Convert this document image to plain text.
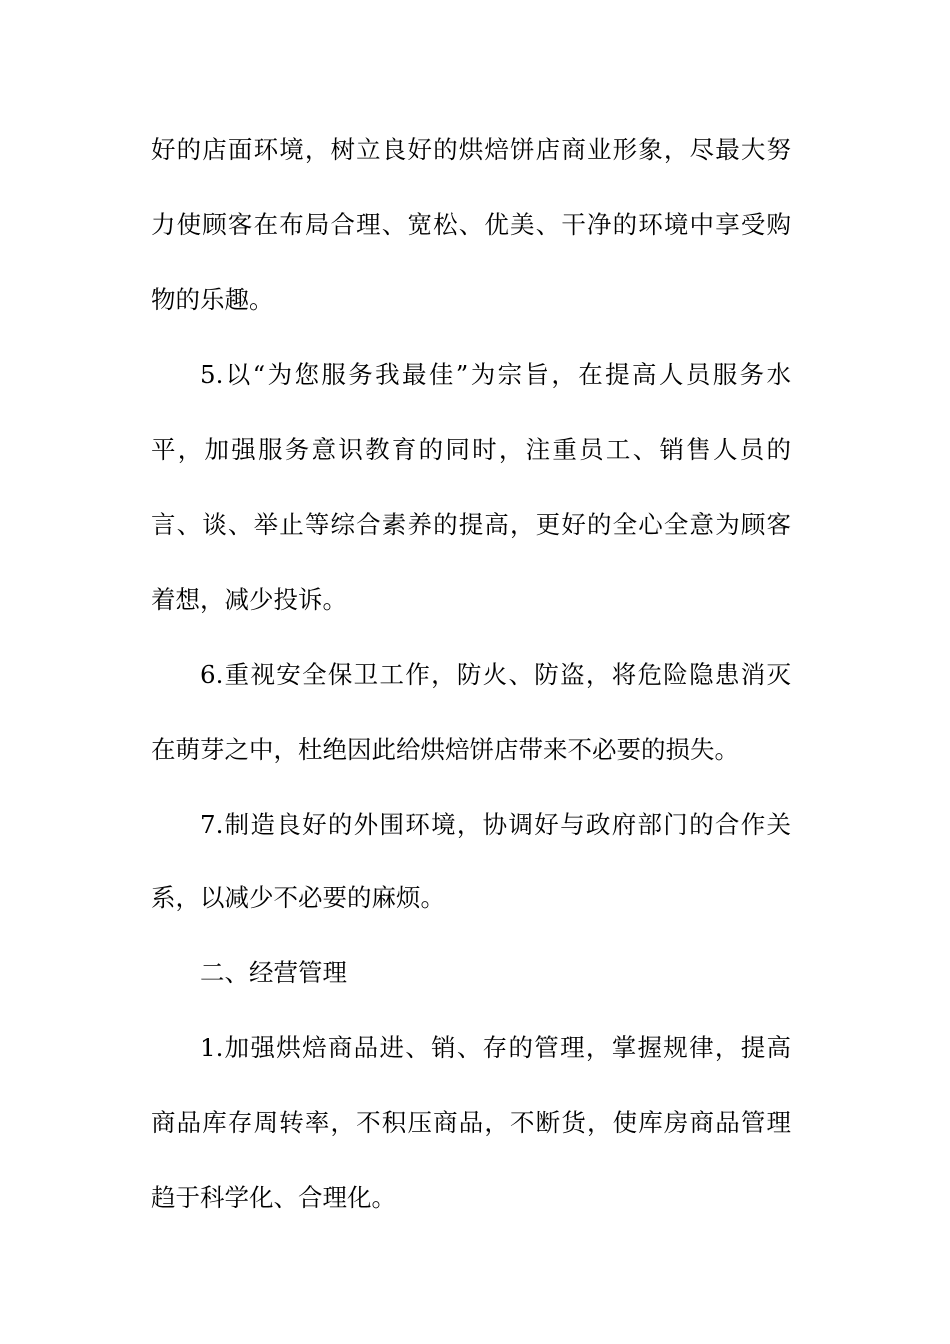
好的店面环境，树立良好的烘焙饼店商业形象，尽最大努
力使顾客在布局合理、宽松、优美、干净的环境中享受购
物的乐趣。
5.以“为您服务我最佳”为宗旨，在提高人员服务水
平，加强服务意识教育的同时，注重员工、销售人员的
言、谈、举止等综合素养的提高，更好的全心全意为顾客
着想，减少投诉。
6.重视安全保卫工作，防火、防盗，将危险隐患消灭
在萌芽之中，杜绝因此给烘焙饼店带来不必要的损失。
7.制造良好的外围环境，协调好与政府部门的合作关
系，以减少不必要的麻烦。
二、经营管理
1.加强烘焙商品进、销、存的管理，掌握规律，提高
商品库存周转率，不积压商品，不断货，使库房商品管理
趋于科学化、合理化。
